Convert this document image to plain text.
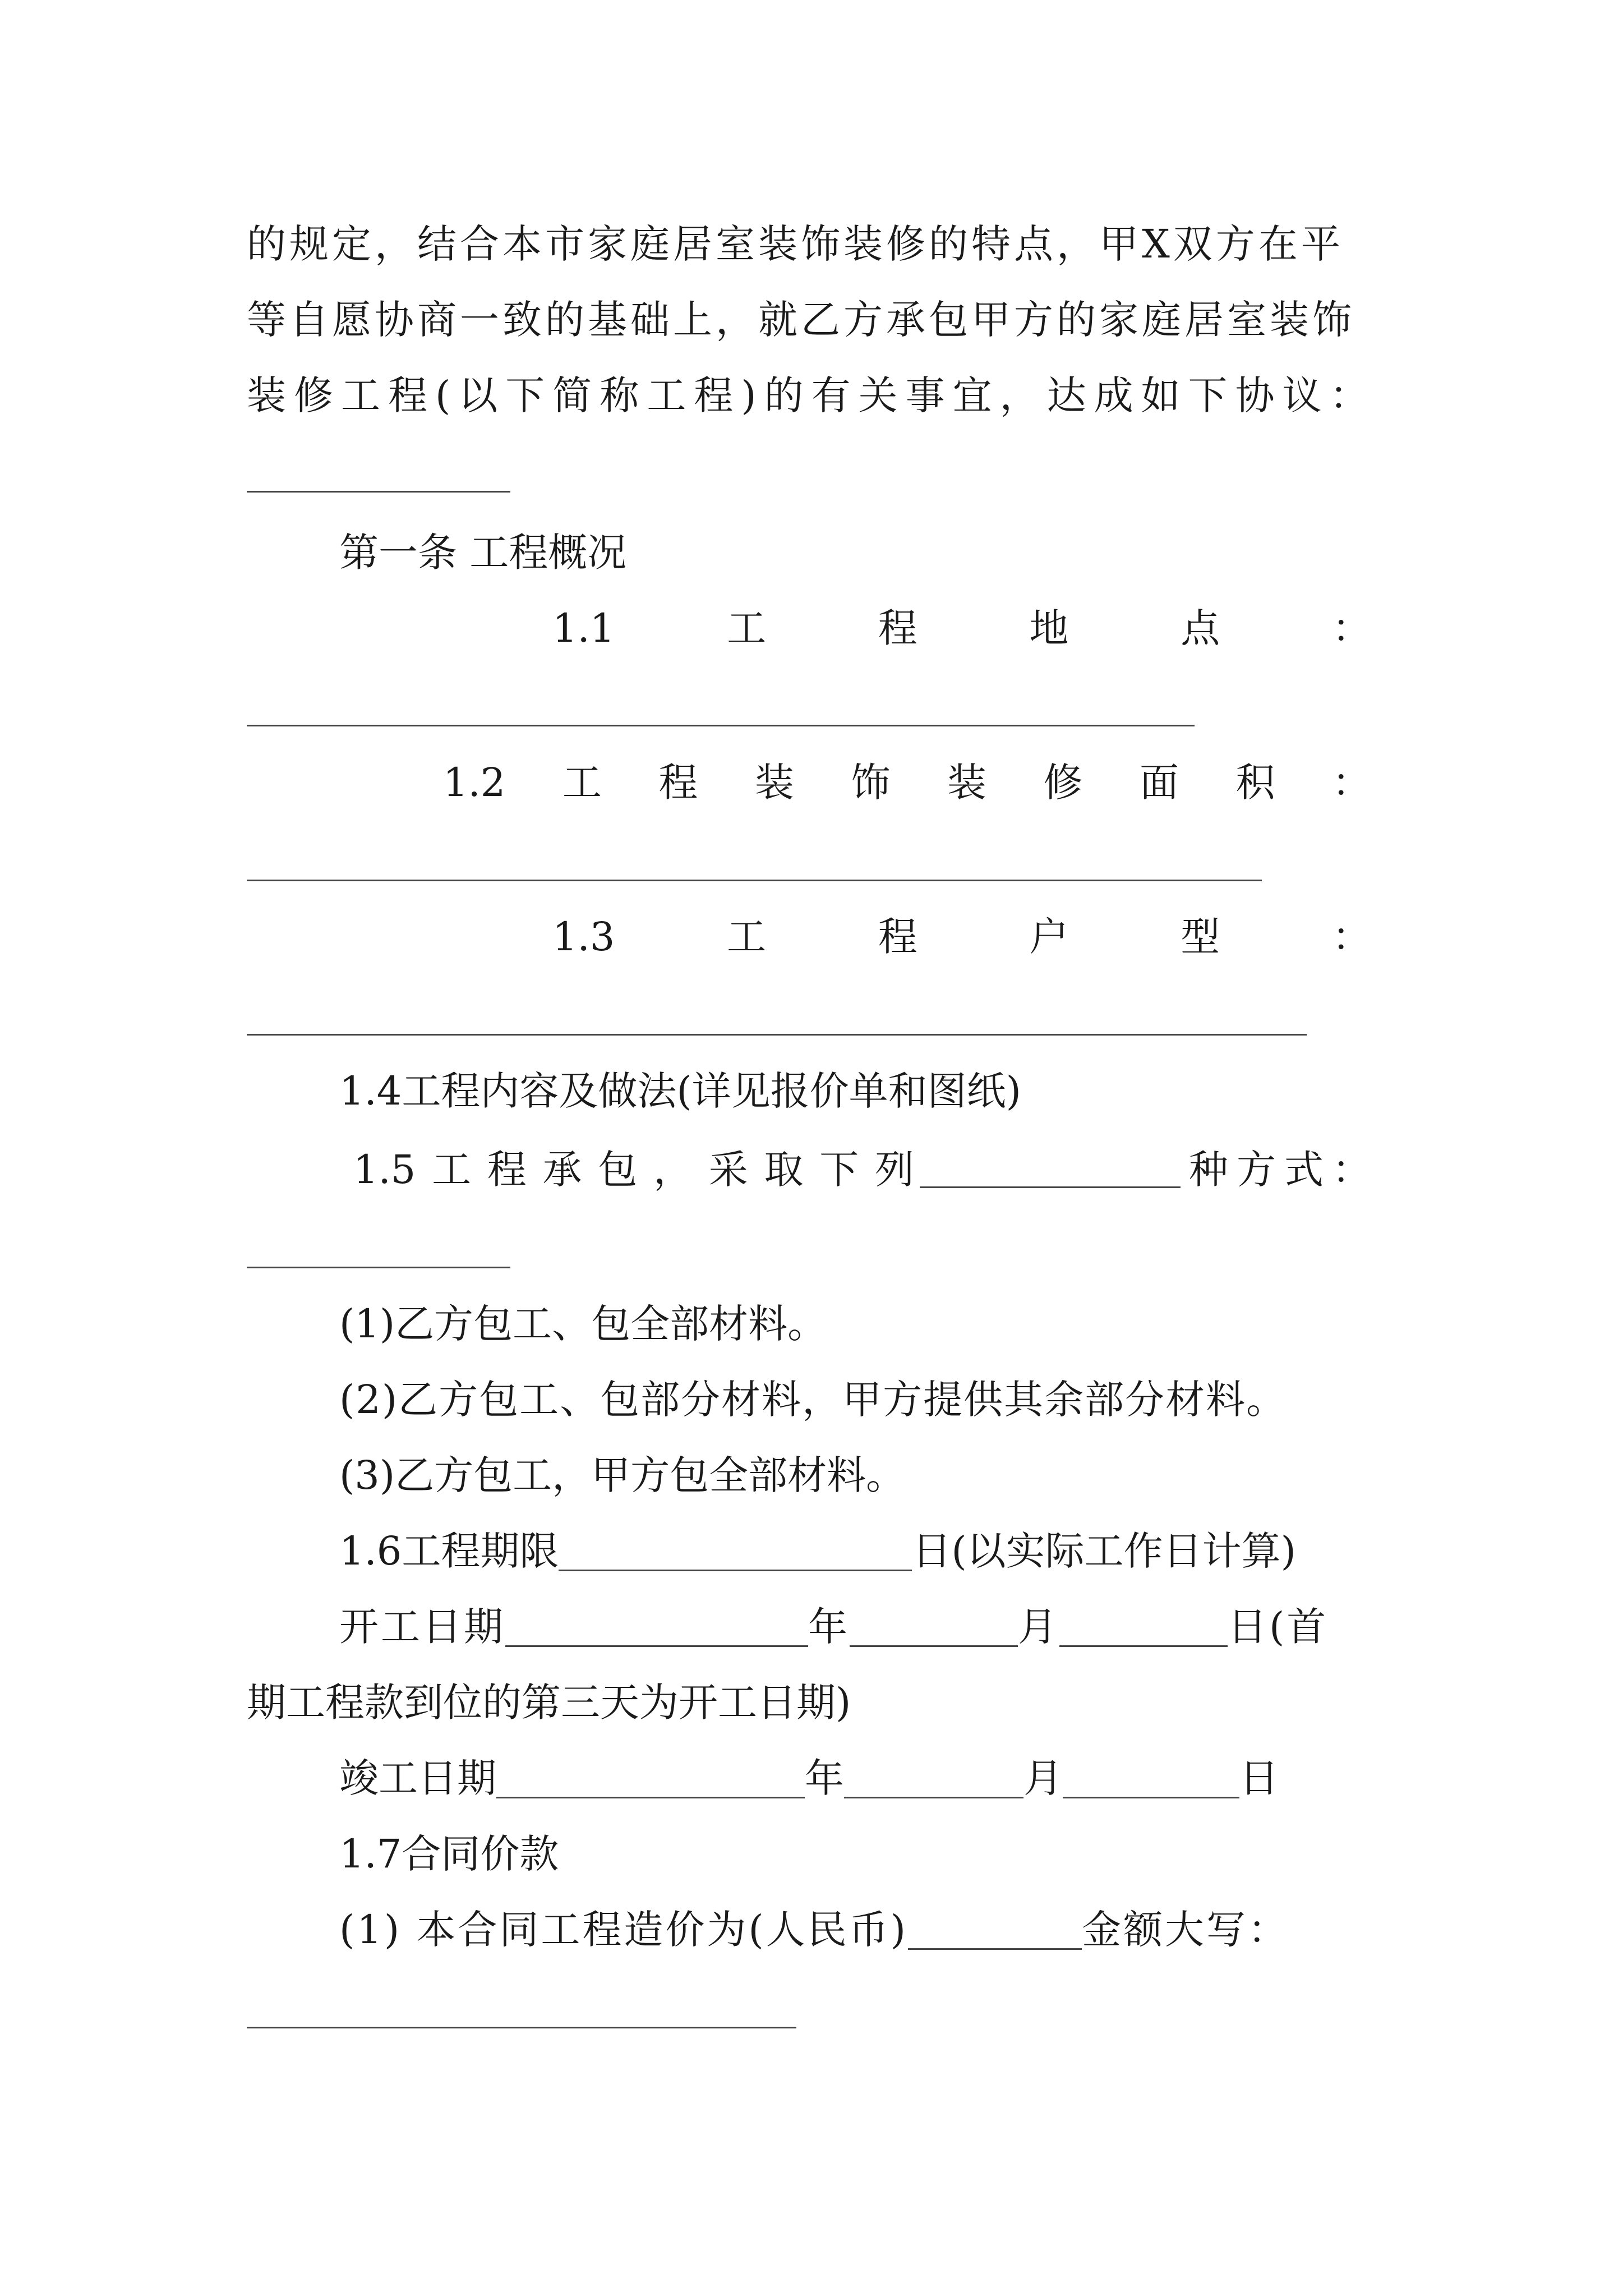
的规定，结合本市家庭居室装饰装修的特点，甲X双方在平
等自愿协商一致的基础上，就乙方承包甲方的家庭居室装饰
装修工程(以下简称工程)的有关事宜，达成如下协议：
第一条 工程概况
1.1	工	程	地	点	：
1.2 工 程 装 饰 装 修 面 积 ：
1.3	工	程	户	型	：
1.4工程内容及做法(详见报价单和图纸)
1.5 工 程 承 包 ， 采 取 下 列	种 方 式 ：
(1)乙方包工、包全部材料。
(2)乙方包工、包部分材料，甲方提供其余部分材料。
(3)乙方包工，甲方包全部材料。
1.6工程期限	日(以实际工作日计算)
开工日期	年	月	日(首
期工程款到位的第三天为开工日期)
竣工日期	年	月	日
1.7合同价款
(1) 本合同工程造价为(人民币)	金额大写：
